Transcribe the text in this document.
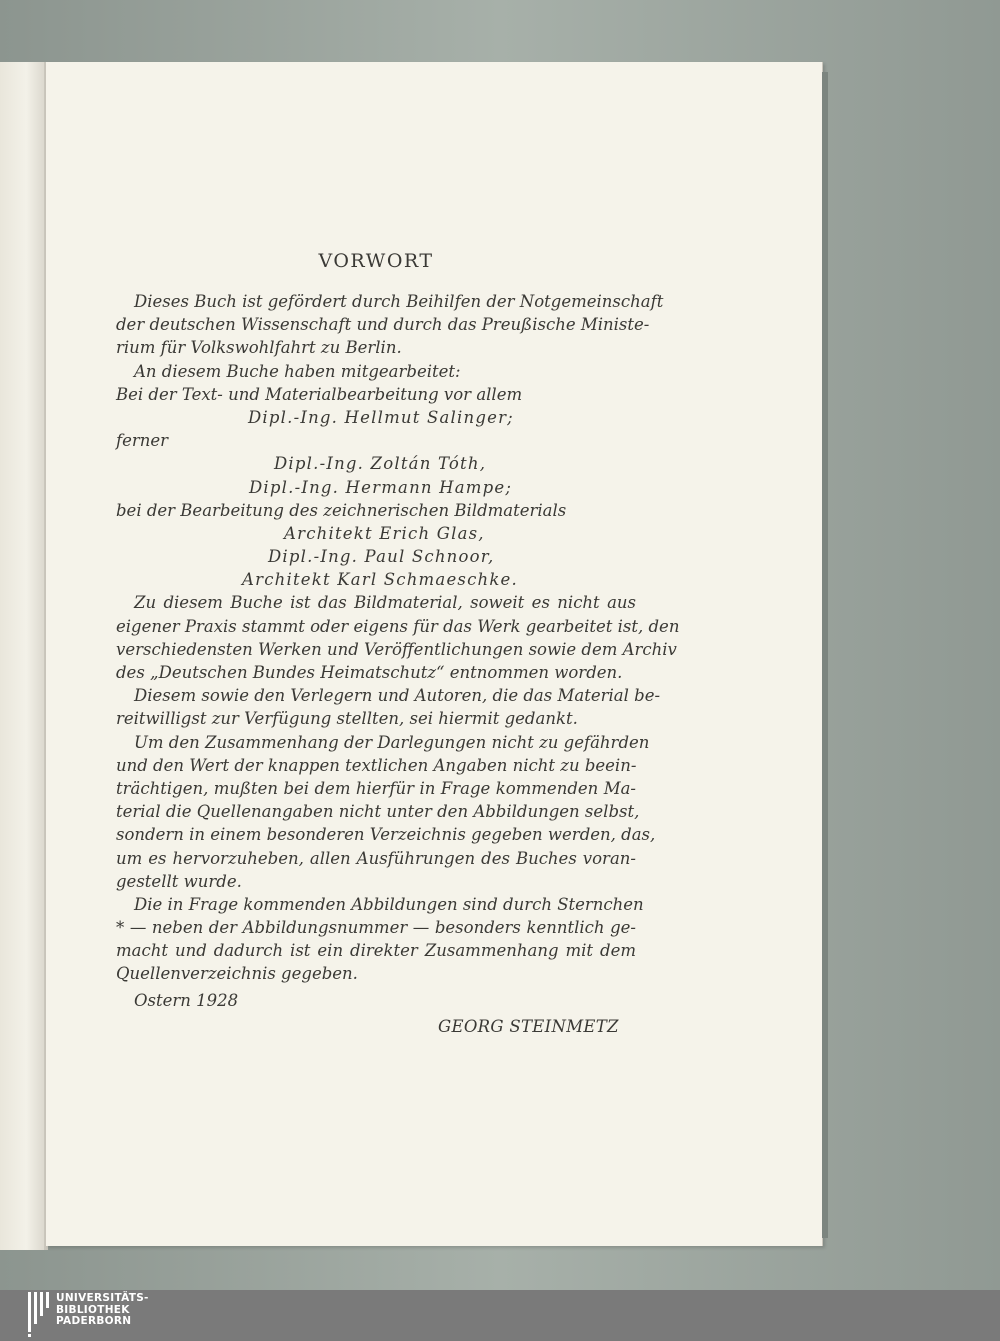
VORWORT
Dieses Buch ist gefördert durch Beihilfen der Notgemeinschaft
der deutschen Wissenschaft und durch das Preußische Ministe-
rium für Volkswohlfahrt zu Berlin.
An diesem Buche haben mitgearbeitet:
Bei der Text- und Materialbearbeitung vor allem
Dipl.-Ing. Hellmut Salinger;
ferner
Dipl.-Ing. Zoltán Tóth,
Dipl.-Ing. Hermann Hampe;
bei der Bearbeitung des zeichnerischen Bildmaterials
Architekt Erich Glas,
Dipl.-Ing. Paul Schnoor,
Architekt Karl Schmaeschke.
Zu diesem Buche ist das Bildmaterial, soweit es nicht aus
eigener Praxis stammt oder eigens für das Werk gearbeitet ist, den
verschiedensten Werken und Veröffentlichungen sowie dem Archiv
des „Deutschen Bundes Heimatschutz“ entnommen worden.
Diesem sowie den Verlegern und Autoren, die das Material be-
reitwilligst zur Verfügung stellten, sei hiermit gedankt.
Um den Zusammenhang der Darlegungen nicht zu gefährden
und den Wert der knappen textlichen Angaben nicht zu beein-
trächtigen, mußten bei dem hierfür in Frage kommenden Ma-
terial die Quellenangaben nicht unter den Abbildungen selbst,
sondern in einem besonderen Verzeichnis gegeben werden, das,
um es hervorzuheben, allen Ausführungen des Buches voran-
gestellt wurde.
Die in Frage kommenden Abbildungen sind durch Sternchen
* — neben der Abbildungsnummer — besonders kenntlich ge-
macht und dadurch ist ein direkter Zusammenhang mit dem
Quellenverzeichnis gegeben.
Ostern 1928
GEORG STEINMETZ
UNIVERSITÄTS-
BIBLIOTHEK
PADERBORN
